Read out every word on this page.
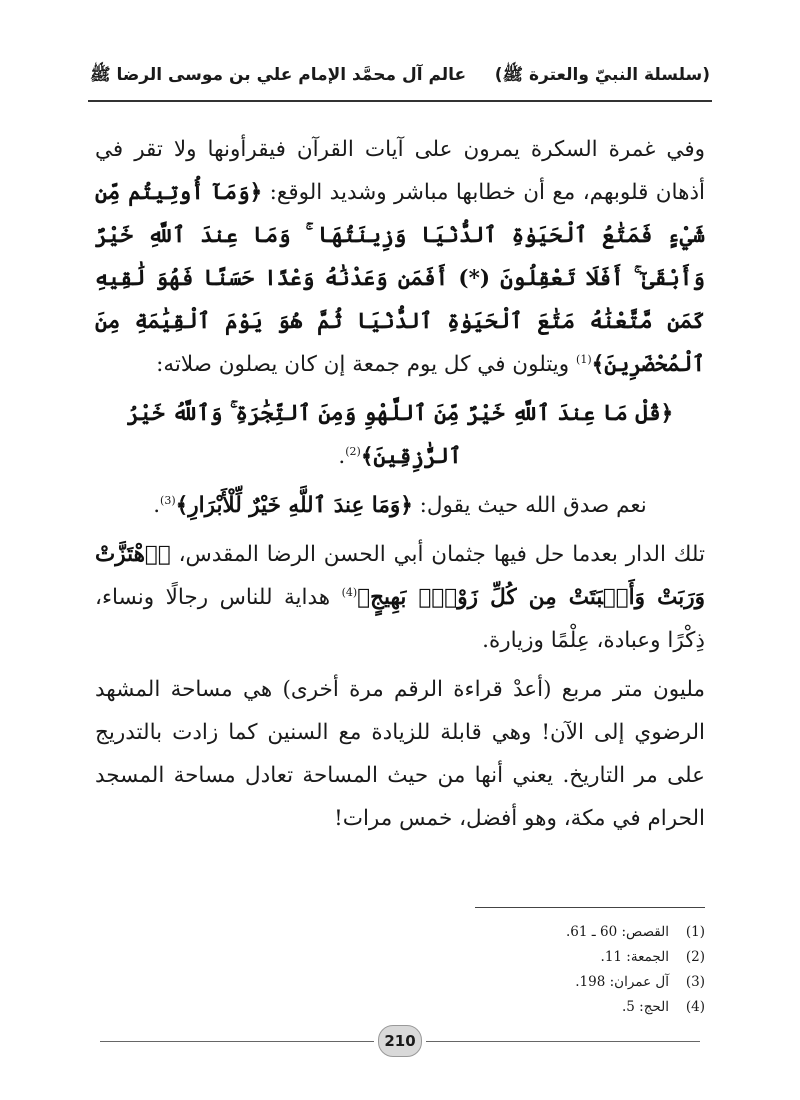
(سلسلة النبيّ والعترة ﷺ)
عالم آل محمَّد الإمام علي بن موسى الرضا ﷺ

وفي غمرة السكرة يمرون على آيات القرآن فيقرأونها ولا تقر في أذهان قلوبهم، مع أن خطابها مباشر وشديد الوقع: ﴿وَمَآ أُوتِيتُم مِّن شَيْءٍ فَمَتَٰعُ ٱلْحَيَوٰةِ ٱلدُّنْيَا وَزِينَتُهَا ۚ وَمَا عِندَ ٱللَّهِ خَيْرٌ وَأَبْقَىٰٓ ۚ أَفَلَا تَعْقِلُونَ (*) أَفَمَن وَعَدْنَٰهُ وَعْدًا حَسَنًا فَهُوَ لَٰقِيهِ كَمَن مَّتَّعْنَٰهُ مَتَٰعَ ٱلْحَيَوٰةِ ٱلدُّنْيَا ثُمَّ هُوَ يَوْمَ ٱلْقِيَٰمَةِ مِنَ ٱلْمُحْضَرِينَ﴾$^{(1)}$ ويتلون في كل يوم جمعة إن كان يصلون صلاته:

﴿قُلْ مَا عِندَ ٱللَّهِ خَيْرٌ مِّنَ ٱللَّهْوِ وَمِنَ ٱلتِّجَٰرَةِ ۚ وَٱللَّهُ خَيْرُ ٱلرَّٰزِقِينَ﴾$^{(2)}$.

نعم صدق الله حيث يقول: ﴿وَمَا عِندَ ٱللَّهِ خَيْرٌ لِّلْأَبْرَارِ﴾$^{(3)}$.

تلك الدار بعدما حل فيها جثمان أبي الحسن الرضا المقدس، ﴿ٱهْتَزَّتْ وَرَبَتْ وَأَنۢبَتَتْ مِن كُلِّ زَوْجٍۭ بَهِيجٍ﴾$^{(4)}$ هداية للناس رجالًا ونساء، ذِكْرًا وعبادة، عِلْمًا وزيارة.

مليون متر مربع (أعدْ قراءة الرقم مرة أخرى) هي مساحة المشهد الرضوي إلى الآن! وهي قابلة للزيادة مع السنين كما زادت بالتدريج على مر التاريخ. يعني أنها من حيث المساحة تعادل مساحة المسجد الحرام في مكة، وهو أفضل، خمس مرات!

(1)
القصص: 60 ـ 61.
(2)
الجمعة: 11.
(3)
آل عمران: 198.
(4)
الحج: 5.
210
